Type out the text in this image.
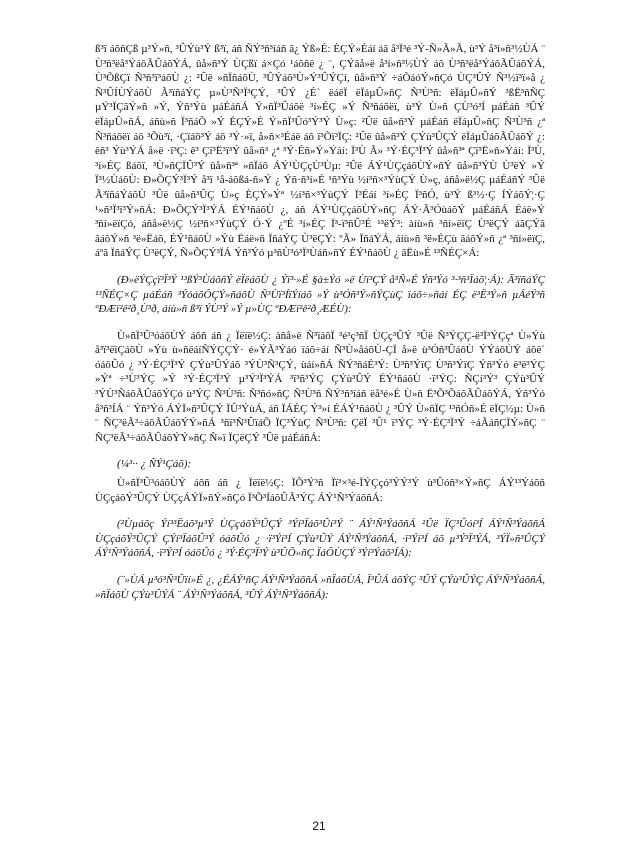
ß³ï áõñÇß µ³Ý»ñ, ³ÛÝù³Ý ß³ï, áñ ÑÝ³ñ³íáñ ã¿ Ýß»É: ÈÇÝ»Éáí áã å³Ï³é ³Ý-Ñ»Ã»Ã, ù³Ý å³í»ñ³½ÙÁ ¨ Ù³ñ³ëå³ÝáõÃÛáõÝÁ, ûå»ñ³Ý ÙÇßï á×Çó ¹áõñë ¿ ¨, ÇÝãå»ë å³í»ñ³½ÙÝ áõ Ù³ñ³ëå³ÝáõÃÛáõÝÁ, Ù³ÕßÇï Ñ³ñ³ï³áõÙ ¿: ²Ûë »ñÏñáõÙ, ³ÛÝáõ³Ù»Ý³ÛÝÇí, ûå»ñ³Ý ÷áÕáóÝ»ñÇó ÙÇ³ÛÝ Ñ³½ï³ï»å ¿ Ñ³ÛÍÙÝáõÙ Ã³ïñáÝÇ µ»Ù³Ñ³Ï³ÇÝ, ³ÛÝ ¿É` ëáëÏ ëÏáµÛ»ñÇ Ñ³Ù³ñ: ëÏáµÛ»ñÝ ³ßË³ñÑÇ µÝ³ÏÇãÝ»ñ »Ý, Ýñ³Ýù µáÉáñÁ Ý»ñÏ³Ûáõë ³í»ÉÇ »Ý Ñ³ñáõëï, ù³Ý Ù»ñ ÇÙ³ó³Í µáÉáñ ³ÛÝ ëÏáµÛ»ñÁ, áñù»ñ Ï³ñáÕ »Ý ÉÇÝ»É Ý»ñÏ³Ûó³Ý³Ý Ù»ç: ²Ûë ûå»ñ³Ý µáÉáñ ëÏáµÛ»ñÇ Ñ³Ù³ñ ¿ª Ñ³ñáõëï áõ ³Õù³ï, ·Çïáõ³Ý áõ ³Ý·»ï, å»ñ×³Éáë áõ ï³Õï³ÏÇ: ²Ûë ûå»ñ³Ý ÇÝù³ÛÇÝ ëÏáµÛáõÃÛáõÝ ¿: êñ³ Ýù³ÝÁ å»ë ·ï³Ç: ê³ Çï³Ë³ï³Ý ûå»ñ³ ¿ª ³Ý·Éñ»Ý»Ýáí: Ï³Ù Ã» ³Ý·ÉÇ³Ï³Ý ûå»ñ³ª Çï³Ë»ñ»Ýáí: Ï³Ù, ³í»ÉÇ ßáõï, ³Ù»ñÇÏÛ³Ý ûå»ñ³ª »ñÏáõ ÁÝ¹ÙÇçÙ³Ùµ: ²Ûë ÁÝ¹ÙÇçáõÙÝ»ñÝ ûå»ñ³ÝÙ Ù³ëÝ »Ý Ï³½ÙáõÙ: Ð»ÕÇÝ³Ï³Ý å³ï ¹å-áõßá-ñ»Ý ¿ Ýñ·ñ³í»É ¹ñ³Ýù ½í³ñ×³ÝùÇÝ Ù»ç, áñå»ë½Ç µáÉáñÝ ³Ûë Ã³ïñáÝáõÙ ³Ûë ûå»ñ³ÛÇ Ù»ç ÈÇÝ»Ýª ½í³ñ×³ÝùÇÝ Ï³Éáí ³í»ÉÇ Ï³ñÓ, ù³Ý ß³½·Ç ÍÝáõÝ¦·Ç ¹»ñ³Ï³ï³Ý»ñÁ: Ð»ÕÇÝ³Ï³ÝÁ ÉÝ¹ñáõÙ ¿, áñ ÁÝ¹ÙÇçáõÙÝ»ñÇ ÁÝ·Ã³ÓùáõÝ µáÉáñÁ Éáë»Ý ³ñí»ëïÇó, áñå»ë½Ç ½í³ñ×³ÝùÇÝ Ó·Ý ¿ºÉ ³í»ÉÇ Ï³-ï³ñÛ³É ¹³ëÝ³: àíù»ñ ³ñí»ëïÇ Ù³ëÇÝ áãÇÝã ãáõÝ»ñ ³ë»Ëáõ, ÉÝ¹ñáõÙ »Ýù Ëáë»ñ ÏñáÝÇ Ù³ëÇÝ: ºÃ» ÏñáÝÁ, áíù»ñ ³ë»ÉÇù ãáõÝ»ñ ¿ª ³ñí»ëïÇ, áºã ÏñáÝÇ Ù³ëÇÝ, Ñ»ÕÇÝ³ÏÁ Ýñ³Ýó µ³ñÙ³ó³Ï³Ùáñ»ñÝ ÉÝ¹ñáõÙ ¿ ãËù»É ¹³ÑÉÇ×Á:

(Ð»ëÝÇçï³Ï³Ý ¹³ßÝ³ÙáõñÝ ëÏëáõÙ ¿ Ýï³·»É §à±Ýó »ë Ùï³ÇÝ å³Ñ»É Ýñ³Ýó ³·³ñ³Ïáõ¦·Á): Ã³ïñáÝÇ ¹³ÑÉÇ×Ç µáÉáñ ³ÝóáõÕÇÝ»ñáõÙ Ñ³Ùï³ÍïÝíáõ »Ý ù³Óñ³Ý»ñÝÇùÇ ïáõ÷»ñáí ÉÇ ë³Ë³Ý»ñ µÁéÝ³ñ ºÐÆï²ê²ð¸Ù³ð, áíù»ñ ß³ï ÝÙ³Ý »Ý µ»ÙÇ ºÐÆï²ê²ð¸ÆÉÙ):

Ù»ñÏ³Û³óáõÙÝ áõñ áñ ¿ Ïëïë½Ç: àñå»ë Ñ³ïáõÏ ³é³ç³ñÏ ÙÇç³ÛÝ ³Ûë Ñ³ÝÇÇ-ë³Ï³ÝÇçª Ù»Ýù å³ï³ëïÇáõÙ »Ýù ù»ñëáíÑÝÇÇÝ· é»ÝÃ³Ýáó ïáõ÷áí Ñ³Ù»åáõÙ-ÇÏ å»ë ù³Óñ³ÛáõÙ ÝÝáõÙÝ áõë´ óáõÛó ¿ ³Ý·ÉÇ³Ï³Ý ÇÝù³ÛÝáõ ³ÝÙ³Ñ³ÇÝ, ùáí»ñÁ ÑÝ³ñáÉ³Ý: Ù³ñ³ÝïÇ Ù³ñ³ÝïÇ Ýñ³Ýó ë³ë³ÝÇ »Ýª ÷³Ù³ÝÇ »Ý ³Ý·ÉÇ³Ï³Ý µ³Ý³Ï³ÝÁ ³ï³ñ³ÝÇ ÇÝù³ÛÝ ÉÝ¹ñáõÙ ·ï³ÝÇ: ÑÇí³Ý³ ÇÝù³ÛÝ ³ÝÙ³ÑáõÃÛáõÝÇó ù³ÝÇ Ñ³Ù³ñ: Ñ³ñó»ñÇ Ñ³Ù³ñ ÑÝ³ñ³íáñ ëå³é»É Ù»ñ Ë³Õ³ÕáõÃÛáõÝÁ, Ýñ³Ýó å³ñ³ÍÁ ¨ Ýñ³Ýó ÁÝÏ»ñ³ÛÇÝ ÏÛ³ÝùÁ, áñ ÏÁÉÇ Ý³»í ÉÁÝ¹ñáõÙ ¿ ³ÛÝ Ù»ñÏÇ ¹³ñÓñ»É ëÏÇ½µ: Ù»ñ ¨ ÑÇ³ëÃ³÷áõÃÛáõÝÝ»ñÁ ³ñï³Ñ³ÛïáÕ ÏÇ³ÝùÇ Ñ³Ù³ñ: ÇëÏ ³Û¹ ï³ÝÇ ³Ý·ÉÇ³Ï³Ý ÷áÃáñÇÏÝ»ñÇ ¨ ÑÇ³ëÃ³÷áõÃÛáõÝÝ»ñÇ Ñ»ï ÏÇëÇÝ ³Ûë µáÉáñÁ:

(¼³·· ¿ ÑÝ¹Çáõ):

Ù»ñÏ³Û³óáõÙÝ áõñ áñ ¿ Ïëïë½Ç: ÏÕ³Ý³ñ Ïï³×³é-ÏÝÇçó³ÝÝ³Ý ù³Ûóñ³×Ý»ñÇ ÁÝ¹³Ýáõñ ÙÇçáõÝ³ÛÇÝ ÙÇçÁÝÏ»ñÝ»ñÇó Ï³Õ³ÍáõÛÃ³ÝÇ ÁÝ¹Ñ³ÝáõñÁ:

(²Ùµáõç Ýí³³Ëáõ³µ³Ý ÙÇçáõÝ³ÛÇÝ ³Ýí³Ïáõ³Ûí³Ý ¨ ÁÝ¹Ñ³ÝáõñÁ ²Ûë ÏÇ³Ûóí³Í ÁÝ¹Ñ³ÝáõñÁ ÙÇçáõÝ³ÛÇÝ ÇÝí³ÏáõÛ³Ý óáõÛó ¿ ·ï³Ýí³Í ÇÝù³ÛÝ ÁÝ¹Ñ³ÝáõñÁ, ·ï³Ýí³Í áõ µ³Ý³Ï³ÝÁ, ³ÝÏ»ñ³ÛÇÝ ÁÝ¹Ñ³ÝáõñÁ, ·ï³Ýí³Í óáõÛó ¿ ³Ý·ÉÇ³Ï³Ý ù³ÛÕ»ñÇ ÏáÕÙÇÝ ³Ýí³Ýáõ³ÍÁ):

(¨»ÙÁ µ³ó³Ñ³Ûïí»É ¿, ¿ÉÁÝ¹ñÇ ÁÝ¹Ñ³ÝáõñÁ »ñÏáõÙÁ, Ï³ÛÁ áõÝÇ ³ÛÝ ÇÝù³ÛÝÇ ÁÝ¹Ñ³ÝáõñÁ, »ñÏáõÙ ÇÝù³ÛÝÁ ¨ ÁÝ¹Ñ³ÝáõñÁ, ³ÛÝ ÁÝ¹Ñ³ÝáõñÁ):

21
